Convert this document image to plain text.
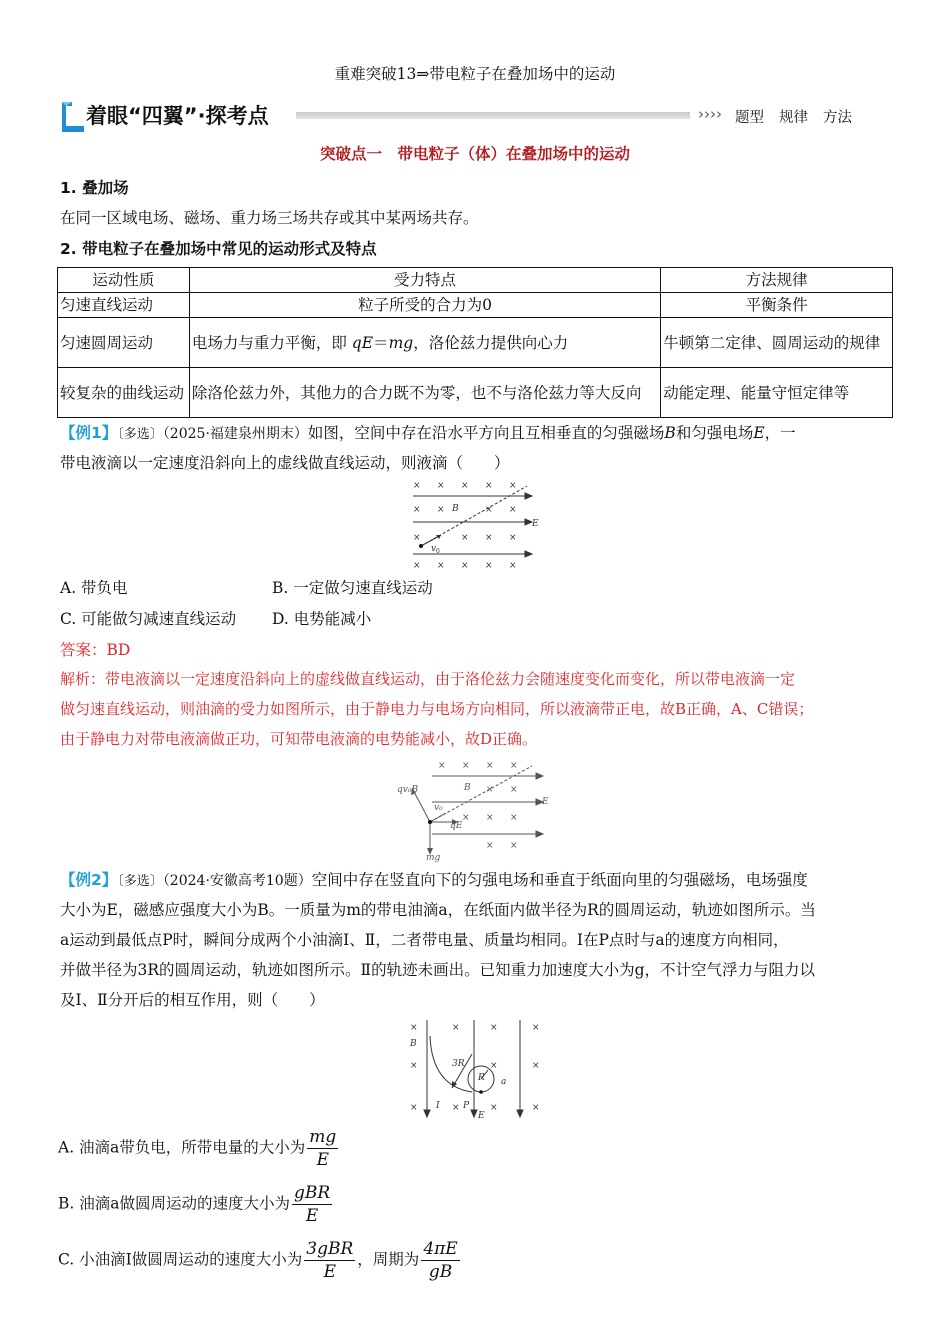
重难突破13⇒带电粒子在叠加场中的运动
着眼“四翼”·探考点	›››› 题型 规律 方法
突破点一　带电粒子（体）在叠加场中的运动
1. 叠加场
在同一区域电场、磁场、重力场三场共存或其中某两场共存。
2. 带电粒子在叠加场中常见的运动形式及特点
运动性质	受力特点	方法规律
匀速直线运动	粒子所受的合力为0	平衡条件
匀速圆周运动	电场力与重力平衡，即 qE＝mg，洛伦兹力提供向心力	牛顿第二定律、圆周运动的规律
较复杂的曲线运动	除洛伦兹力外，其他力的合力既不为零，也不与洛伦兹力等大反向	动能定理、能量守恒定律等
【例1】〔多选〕（2025·福建泉州期末）如图，空间中存在沿水平方向且互相垂直的匀强磁场B和匀强电场E，一
带电液滴以一定速度沿斜向上的虚线做直线运动，则液滴（　　）
× × × × ×
× ×	× ×
×	× × ×
× × × × ×
B
E
v 0
A. 带负电	B. 一定做匀速直线运动
C. 可能做匀减速直线运动 D. 电势能减小
答案：BD
解析：带电液滴以一定速度沿斜向上的虚线做直线运动，由于洛伦兹力会随速度变化而变化，所以带电液滴一定
做匀速直线运动，则油滴的受力如图所示，由于静电力与电场方向相同，所以液滴带正电，故B正确，A、C错误；
由于静电力对带电液滴做正功，可知带电液滴的电势能减小，故D正确。
× × × ×
× ×
× × ×
× ×
qv₀B	B
E
v₀
qE
mg
【例2】〔多选〕（2024·安徽高考10题）空间中存在竖直向下的匀强电场和垂直于纸面向里的匀强磁场，电场强度
大小为E，磁感应强度大小为B。一质量为m的带电油滴a，在纸面内做半径为R的圆周运动，轨迹如图所示。当
a运动到最低点P时，瞬间分成两个小油滴Ⅰ、Ⅱ，二者带电量、质量均相同。Ⅰ在P点时与a的速度方向相同，
并做半径为3R的圆周运动，轨迹如图所示。Ⅱ的轨迹未画出。已知重力加速度大小为g，不计空气浮力与阻力以
及Ⅰ、Ⅱ分开后的相互作用，则（　　）
×	×	×	×
×	×	×
×	×	×	×
B
3R
R a
Ⅰ	P
E
A. 油滴a带负电，所带电量的大小为 $\frac{mg}{E}$
B. 油滴a做圆周运动的速度大小为 $\frac{\text{gBR}}{E}$
C. 小油滴Ⅰ做圆周运动的速度大小为 $\frac{\text{3gBR}}{E}$ ，周期为 $\frac{4\pi E}{gB}$
